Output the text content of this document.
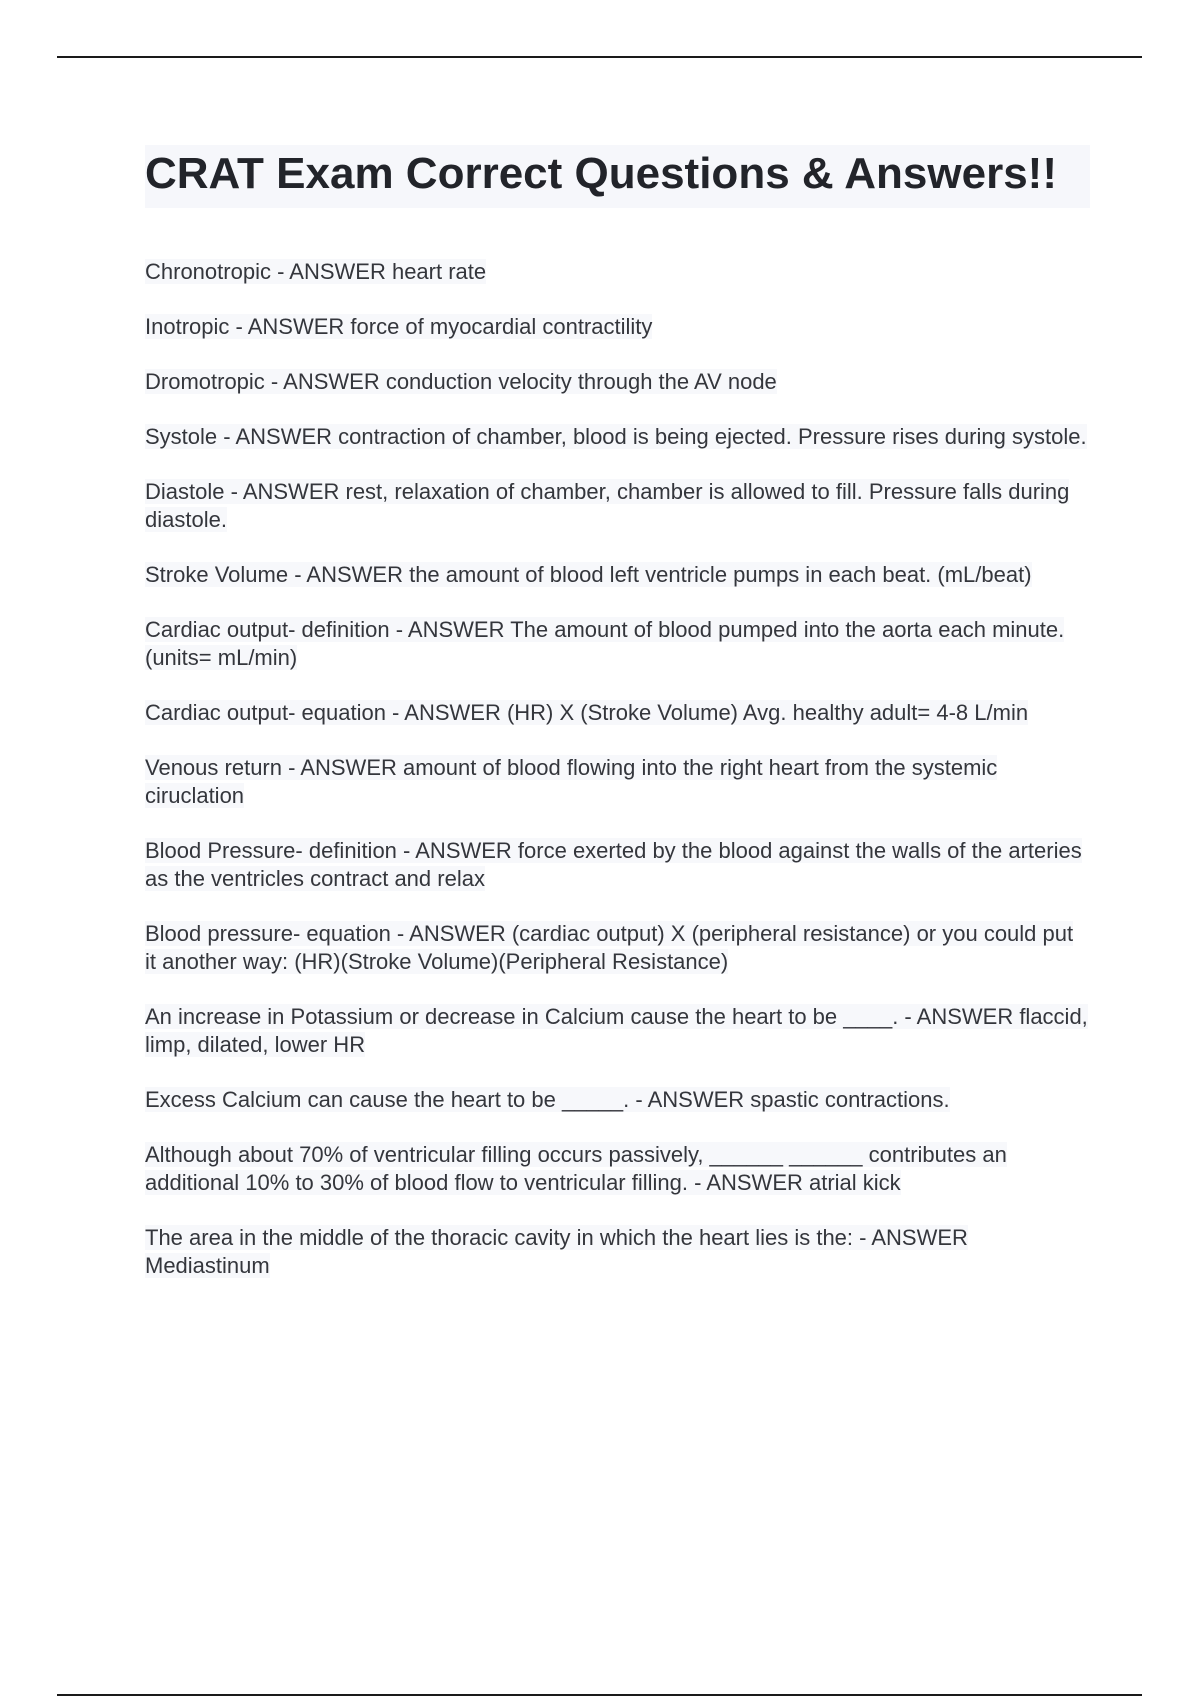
CRAT Exam Correct Questions & Answers!!
Chronotropic - ANSWER heart rate
Inotropic - ANSWER force of myocardial contractility
Dromotropic - ANSWER conduction velocity through the AV node
Systole - ANSWER contraction of chamber, blood is being ejected. Pressure rises during systole.
Diastole - ANSWER rest, relaxation of chamber, chamber is allowed to fill. Pressure falls during diastole.
Stroke Volume - ANSWER the amount of blood left ventricle pumps in each beat. (mL/beat)
Cardiac output- definition - ANSWER The amount of blood pumped into the aorta each minute. (units= mL/min)
Cardiac output- equation - ANSWER (HR) X (Stroke Volume) Avg. healthy adult= 4-8 L/min
Venous return - ANSWER amount of blood flowing into the right heart from the systemic ciruclation
Blood Pressure- definition - ANSWER force exerted by the blood against the walls of the arteries as the ventricles contract and relax
Blood pressure- equation - ANSWER (cardiac output) X (peripheral resistance) or you could put it another way: (HR)(Stroke Volume)(Peripheral Resistance)
An increase in Potassium or decrease in Calcium cause the heart to be ____. - ANSWER flaccid, limp, dilated, lower HR
Excess Calcium can cause the heart to be _____. - ANSWER spastic contractions.
Although about 70% of ventricular filling occurs passively, ______ ______ contributes an additional 10% to 30% of blood flow to ventricular filling. - ANSWER atrial kick
The area in the middle of the thoracic cavity in which the heart lies is the: - ANSWER Mediastinum
